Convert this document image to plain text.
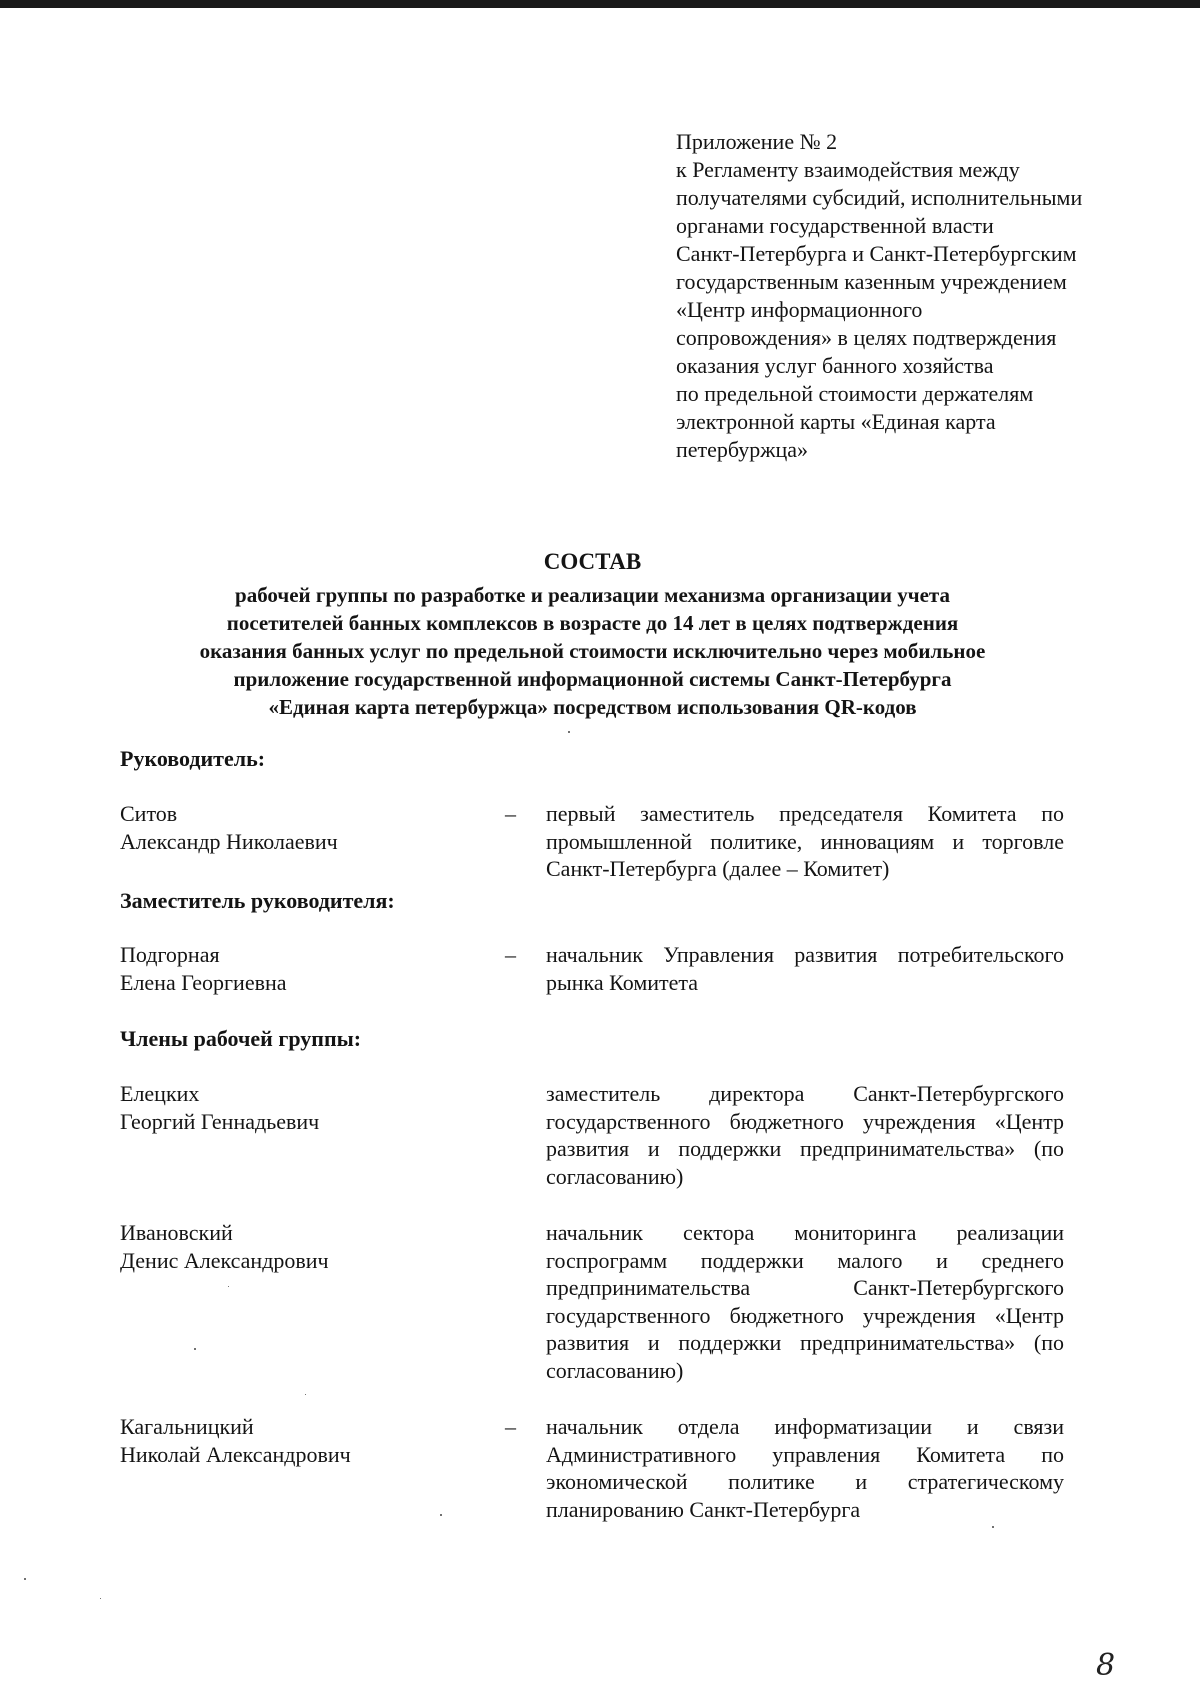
Приложение № 2
к Регламенту взаимодействия между
получателями субсидий, исполнительными
органами государственной власти
Санкт-Петербурга и Санкт-Петербургским
государственным казенным учреждением
«Центр информационного
сопровождения» в целях подтверждения
оказания услуг банного хозяйства
по предельной стоимости держателям
электронной карты «Единая карта
петербуржца»
СОСТАВ
рабочей группы по разработке и реализации механизма организации учета
посетителей банных комплексов в возрасте до 14 лет в целях подтверждения
оказания банных услуг по предельной стоимости исключительно через мобильное
приложение государственной информационной системы Санкт-Петербурга
«Единая карта петербуржца» посредством использования QR-кодов
Руководитель:
Ситов
Александр Николаевич
– первый заместитель председателя Комитета по промышленной политике, инновациям и торговле Санкт-Петербурга (далее – Комитет)
Заместитель руководителя:
Подгорная
Елена Георгиевна
– начальник Управления развития потребительского рынка Комитета
Члены рабочей группы:
Елецких
Георгий Геннадьевич
заместитель директора Санкт-Петербургского государственного бюджетного учреждения «Центр развития и поддержки предпринимательства» (по согласованию)
Ивановский
Денис Александрович
начальник сектора мониторинга реализации госпрограмм поддержки малого и среднего предпринимательства Санкт-Петербургского государственного бюджетного учреждения «Центр развития и поддержки предпринимательства» (по согласованию)
Кагальницкий
Николай Александрович
– начальник отдела информатизации и связи Административного управления Комитета по экономической политике и стратегическому планированию Санкт-Петербурга
8
